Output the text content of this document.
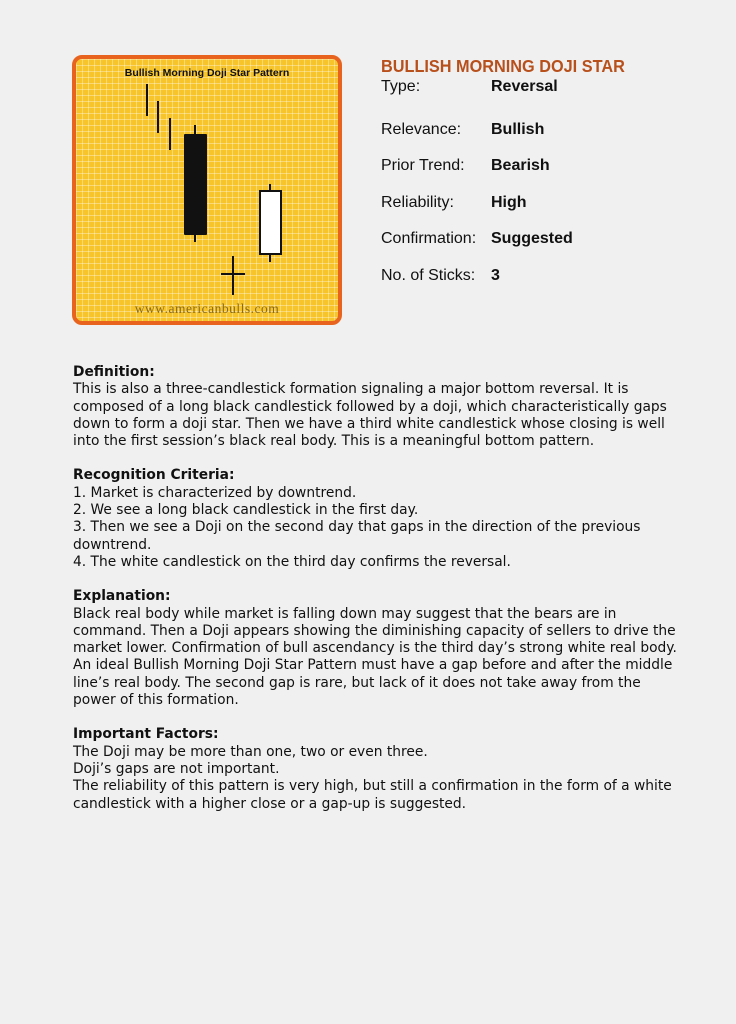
Bullish Morning Doji Star Pattern
www.americanbulls.com
BULLISH MORNING DOJI STAR
Type:	Reversal
Relevance: Bullish
Prior Trend: Bearish
Reliability: High
Confirmation: Suggested
No. of Sticks: 3
Definition:

This is also a three-candlestick formation signaling a major bottom reversal. It is

composed of a long black candlestick followed by a doji, which characteristically gaps

down to form a doji star. Then we have a third white candlestick whose closing is well

into the first session’s black real body. This is a meaningful bottom pattern.

Recognition Criteria:

1. Market is characterized by downtrend.

2. We see a long black candlestick in the first day.

3. Then we see a Doji on the second day that gaps in the direction of the previous

downtrend.

4. The white candlestick on the third day confirms the reversal.

Explanation:

Black real body while market is falling down may suggest that the bears are in

command. Then a Doji appears showing the diminishing capacity of sellers to drive the

market lower. Confirmation of bull ascendancy is the third day’s strong white real body.

An ideal Bullish Morning Doji Star Pattern must have a gap before and after the middle

line’s real body. The second gap is rare, but lack of it does not take away from the

power of this formation.

Important Factors:

The Doji may be more than one, two or even three.

Doji’s gaps are not important.

The reliability of this pattern is very high, but still a confirmation in the form of a white

candlestick with a higher close or a gap-up is suggested.
